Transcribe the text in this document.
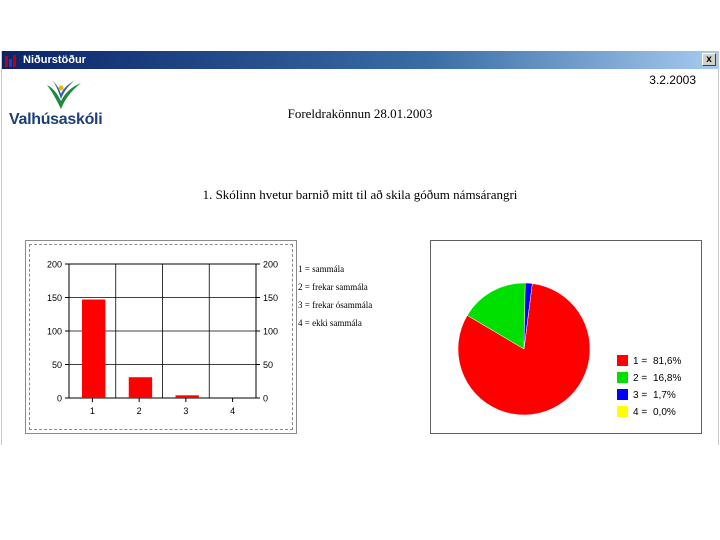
Niðurstöður	x
3.2.2003
Valhúsaskóli	Foreldrakönnun 28.01.2003
1. Skólinn hvetur barnið mitt til að skila góðum námsárangri
0	0
50	50
100	100
150	150
200	200
1	2	3	4
1 = sammála
2 = frekar sammála
3 = frekar ósammála
4 = ekki sammála
1 = 81,6%
2 = 16,8%
3 = 1,7%
4 = 0,0%
